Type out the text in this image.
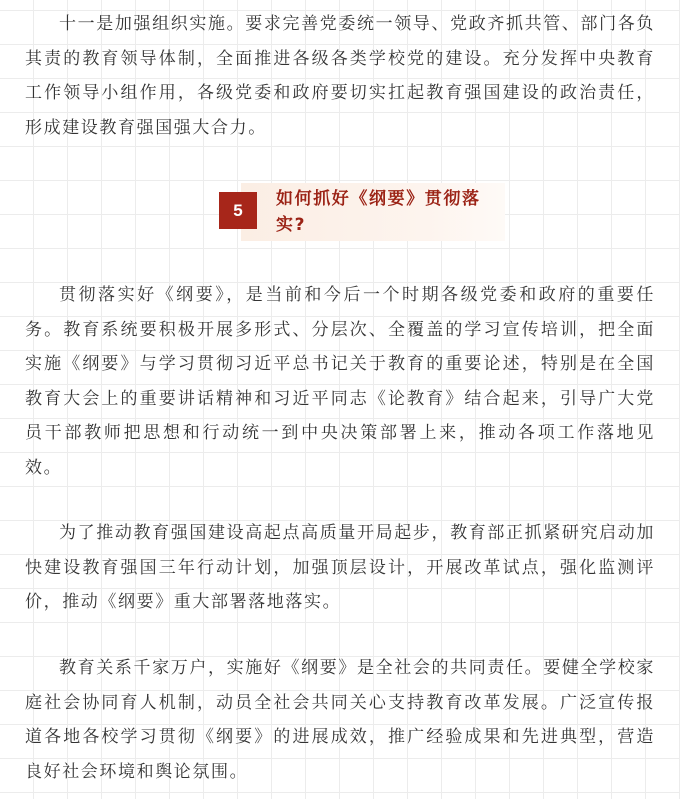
十一是加强组织实施。要求完善党委统一领导、党政齐抓共管、部门各负其责的教育领导体制，全面推进各级各类学校党的建设。充分发挥中央教育工作领导小组作用，各级党委和政府要切实扛起教育强国建设的政治责任，形成建设教育强国强大合力。

5

如何抓好《纲要》贯彻落实?

贯彻落实好《纲要》，是当前和今后一个时期各级党委和政府的重要任务。教育系统要积极开展多形式、分层次、全覆盖的学习宣传培训，把全面实施《纲要》与学习贯彻习近平总书记关于教育的重要论述，特别是在全国教育大会上的重要讲话精神和习近平同志《论教育》结合起来，引导广大党员干部教师把思想和行动统一到中央决策部署上来，推动各项工作落地见效。

为了推动教育强国建设高起点高质量开局起步，教育部正抓紧研究启动加快建设教育强国三年行动计划，加强顶层设计，开展改革试点，强化监测评价，推动《纲要》重大部署落地落实。

教育关系千家万户，实施好《纲要》是全社会的共同责任。要健全学校家庭社会协同育人机制，动员全社会共同关心支持教育改革发展。广泛宣传报道各地各校学习贯彻《纲要》的进展成效，推广经验成果和先进典型，营造良好社会环境和舆论氛围。
